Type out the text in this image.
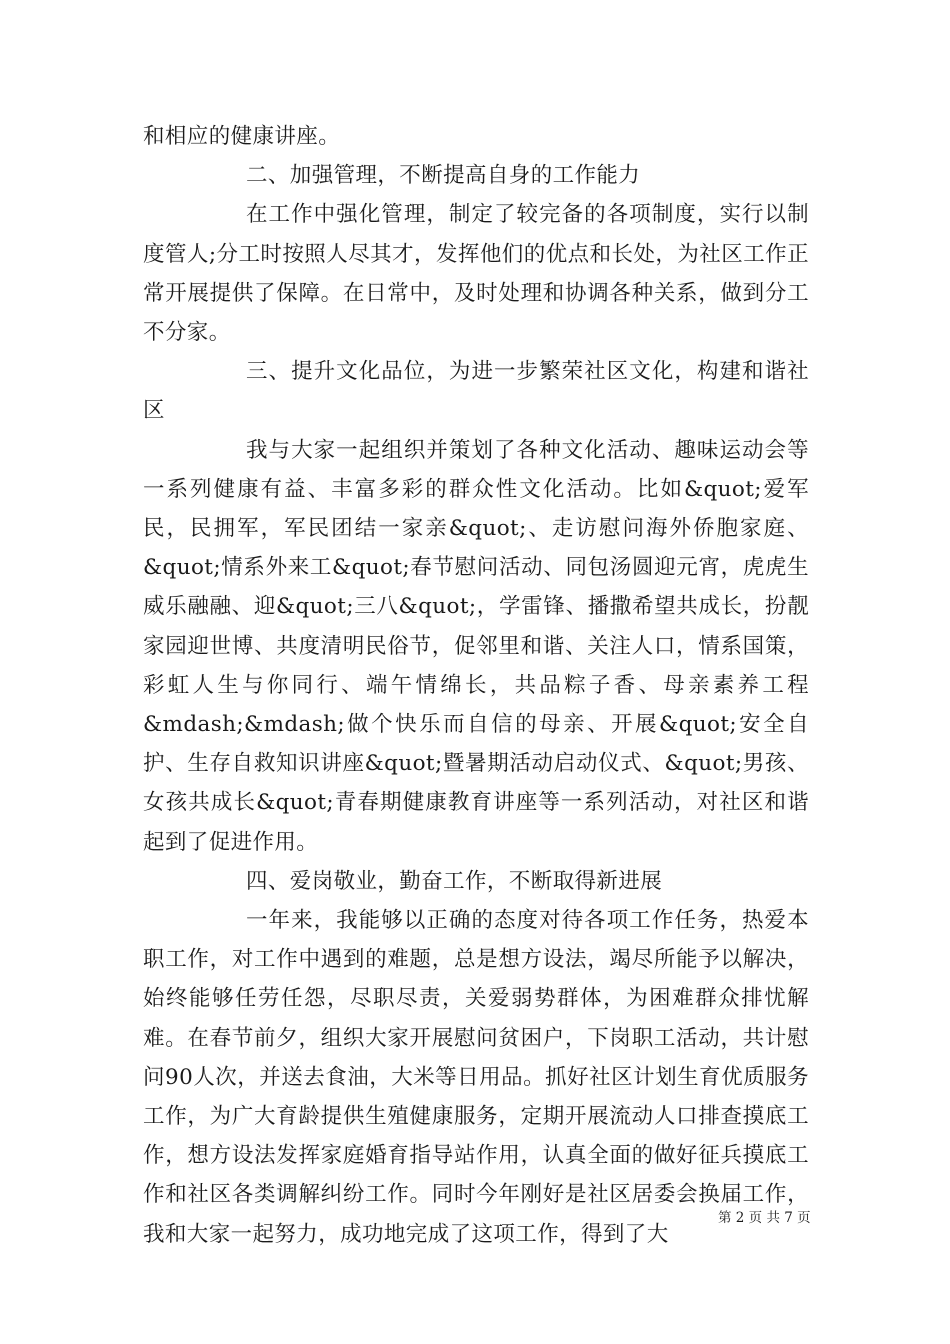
和相应的健康讲座。

二、加强管理，不断提高自身的工作能力

在工作中强化管理，制定了较完备的各项制度，实行以制度管人;分工时按照人尽其才，发挥他们的优点和长处，为社区工作正常开展提供了保障。在日常中，及时处理和协调各种关系，做到分工不分家。

三、提升文化品位，为进一步繁荣社区文化，构建和谐社区

我与大家一起组织并策划了各种文化活动、趣味运动会等一系列健康有益、丰富多彩的群众性文化活动。比如&quot;爱军民，民拥军，军民团结一家亲&quot;、走访慰问海外侨胞家庭、&quot;情系外来工&quot;春节慰问活动、同包汤圆迎元宵，虎虎生威乐融融、迎&quot;三八&quot;，学雷锋、播撒希望共成长，扮靓家园迎世博、共度清明民俗节，促邻里和谐、关注人口，情系国策，彩虹人生与你同行、端午情绵长，共品粽子香、母亲素养工程&mdash;&mdash;做个快乐而自信的母亲、开展&quot;安全自护、生存自救知识讲座&quot;暨暑期活动启动仪式、&quot;男孩、女孩共成长&quot;青春期健康教育讲座等一系列活动，对社区和谐起到了促进作用。

四、爱岗敬业，勤奋工作，不断取得新进展

一年来，我能够以正确的态度对待各项工作任务，热爱本职工作，对工作中遇到的难题，总是想方设法，竭尽所能予以解决，始终能够任劳任怨，尽职尽责，关爱弱势群体，为困难群众排忧解难。在春节前夕，组织大家开展慰问贫困户，下岗职工活动，共计慰问90人次，并送去食油，大米等日用品。抓好社区计划生育优质服务工作，为广大育龄提供生殖健康服务，定期开展流动人口排查摸底工作，想方设法发挥家庭婚育指导站作用，认真全面的做好征兵摸底工作和社区各类调解纠纷工作。同时今年刚好是社区居委会换届工作，我和大家一起努力，成功地完成了这项工作，得到了大

第 2 页 共 7 页
